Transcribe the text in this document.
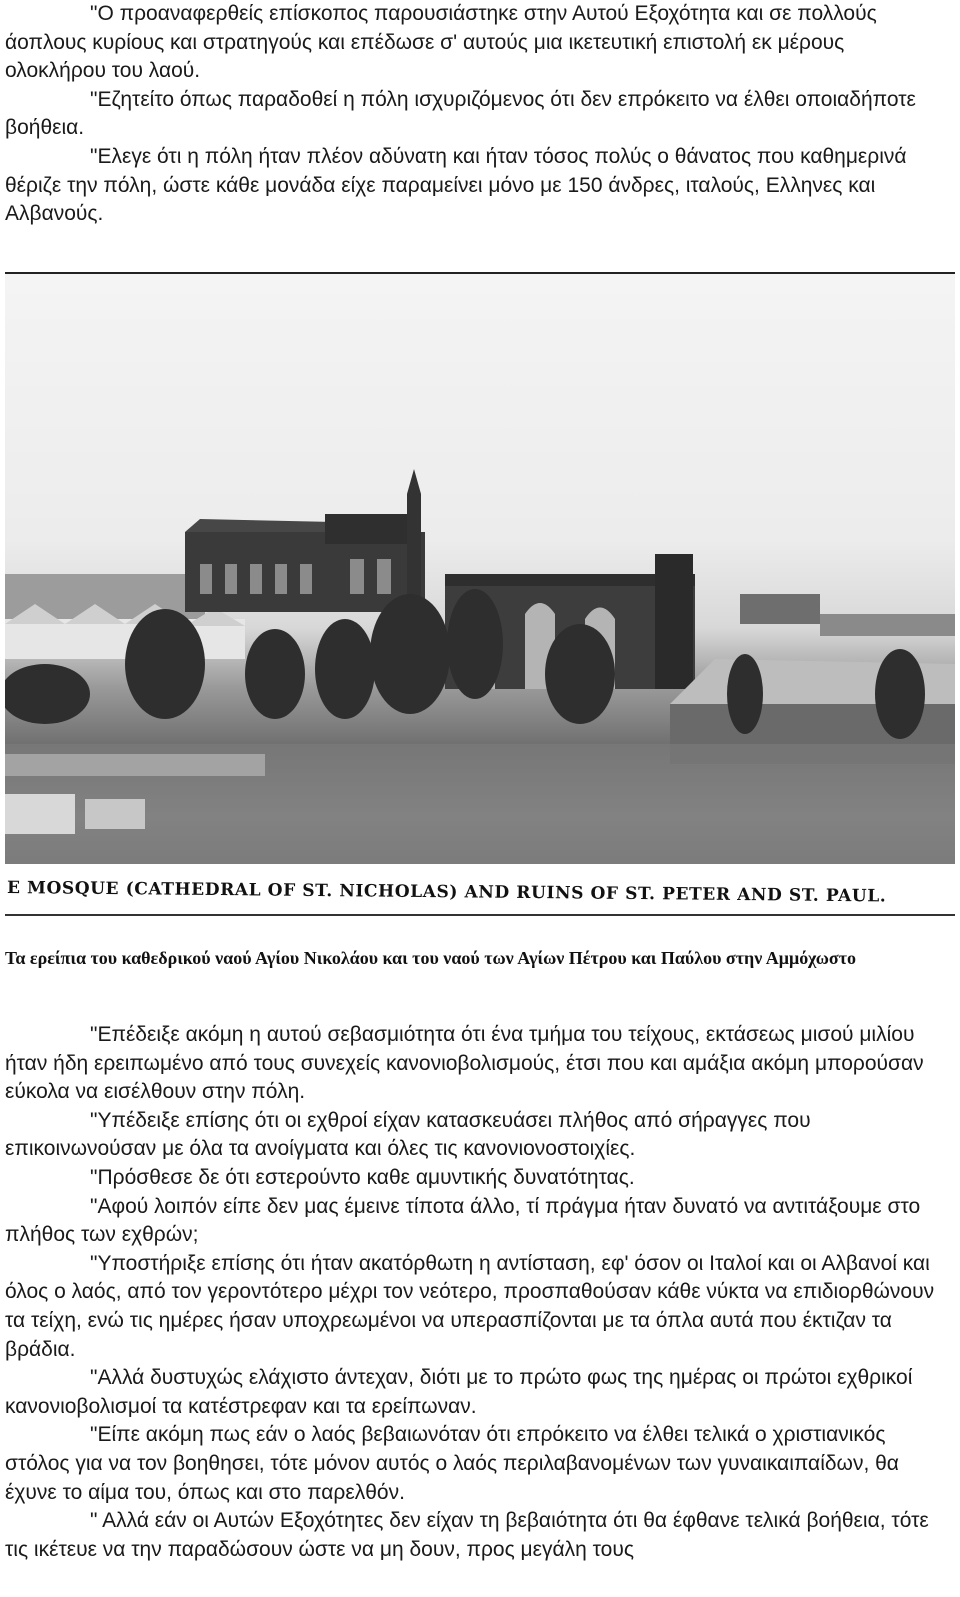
"Ο προαναφερθείς επίσκοπος παρουσιάστηκε στην Αυτού Εξοχότητα και σε πολλούς άοπλους κυρίους και στρατηγούς και επέδωσε σ' αυτούς μια ικετευτική επιστολή εκ μέρους ολοκλήρου του λαού.

"Εζητείτο όπως παραδοθεί η πόλη ισχυριζόμενος ότι δεν επρόκειτο να έλθει οποιαδήποτε βοήθεια.

"Ελεγε ότι η πόλη ήταν πλέον αδύνατη και ήταν τόσος πολύς ο θάνατος που καθημερινά θέριζε την πόλη, ώστε κάθε μονάδα είχε παραμείνει μόνο με 150 άνδρες, ιταλούς, Ελληνες και Αλβανούς.

E MOSQUE (CATHEDRAL OF ST. NICHOLAS) AND RUINS OF ST. PETER AND ST. PAUL.
Τα ερείπια του καθεδρικού ναού Αγίου Νικολάου και του ναού των Αγίων Πέτρου και Παύλου στην Αμμόχωστο

"Επέδειξε ακόμη η αυτού σεβασμιότητα ότι ένα τμήμα του τείχους, εκτάσεως μισού μιλίου ήταν ήδη ερειπωμένο από τους συνεχείς κανονιοβολισμούς, έτσι που και αμάξια ακόμη μπορούσαν εύκολα να εισέλθουν στην πόλη.

"Υπέδειξε επίσης ότι οι εχθροί είχαν κατασκευάσει πλήθος από σήραγγες που επικοινωνούσαν με όλα τα ανοίγματα και όλες τις κανονιονοστοιχίες.

"Πρόσθεσε δε ότι εστερούντο καθε αμυντικής δυνατότητας.

"Αφού λοιπόν είπε δεν μας έμεινε τίποτα άλλο, τί πράγμα ήταν δυνατό να αντιτάξουμε στο πλήθος των εχθρών;

"Υποστήριξε επίσης ότι ήταν ακατόρθωτη η αντίσταση, εφ' όσον οι Ιταλοί και οι Αλβανοί και όλος ο λαός, από τον γεροντότερο μέχρι τον νεότερο, προσπαθούσαν κάθε νύκτα να επιδιορθώνουν τα τείχη, ενώ τις ημέρες ήσαν υποχρεωμένοι να υπερασπίζονται με τα όπλα αυτά που έκτιζαν τα βράδια.

"Αλλά δυστυχώς ελάχιστο άντεχαν, διότι με το πρώτο φως της ημέρας οι πρώτοι εχθρικοί κανονιοβολισμοί τα κατέστρεφαν και τα ερείπωναν.

"Είπε ακόμη πως εάν ο λαός βεβαιωνόταν ότι επρόκειτο να έλθει τελικά ο χριστιανικός στόλος για να τον βοηθησει, τότε μόνον αυτός ο λαός περιλαβανομένων των γυναικαιπαίδων, θα έχυνε το αίμα του, όπως και στο παρελθόν.

" Αλλά εάν οι Αυτών Εξοχότητες δεν είχαν τη βεβαιότητα ότι θα έφθανε τελικά βοήθεια, τότε τις ικέτευε να την παραδώσουν ώστε να μη δουν, προς μεγάλη τους
